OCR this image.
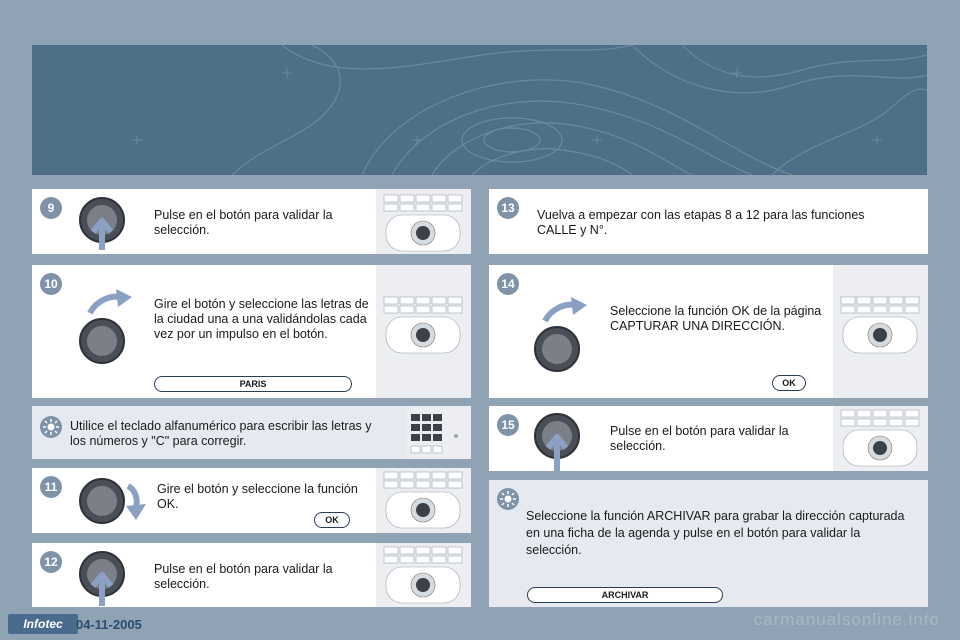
9	Pulse en el botón para validar la selección.
10
Gire el botón y seleccione las letras de la ciudad una a una validándolas cada vez por un impulso en el botón.
PARIS
Utilice el teclado alfanumérico para escribir las letras y los números y "C" para corregir.
11	Gire el botón y seleccione la función OK.
OK
12	Pulse en el botón para validar la selección.
13	Vuelva a empezar con las etapas 8 a 12 para las funciones CALLE y N°.
14
Seleccione la función OK de la página CAPTURAR UNA DIRECCIÓN.
OK
15	Pulse en el botón para validar la selección.
Seleccione la función ARCHIVAR para grabar la dirección capturada en una ficha de la agenda y pulse en el botón para validar la selección.
ARCHIVAR
Infotec	04-11-2005	carmanualsonline.info
